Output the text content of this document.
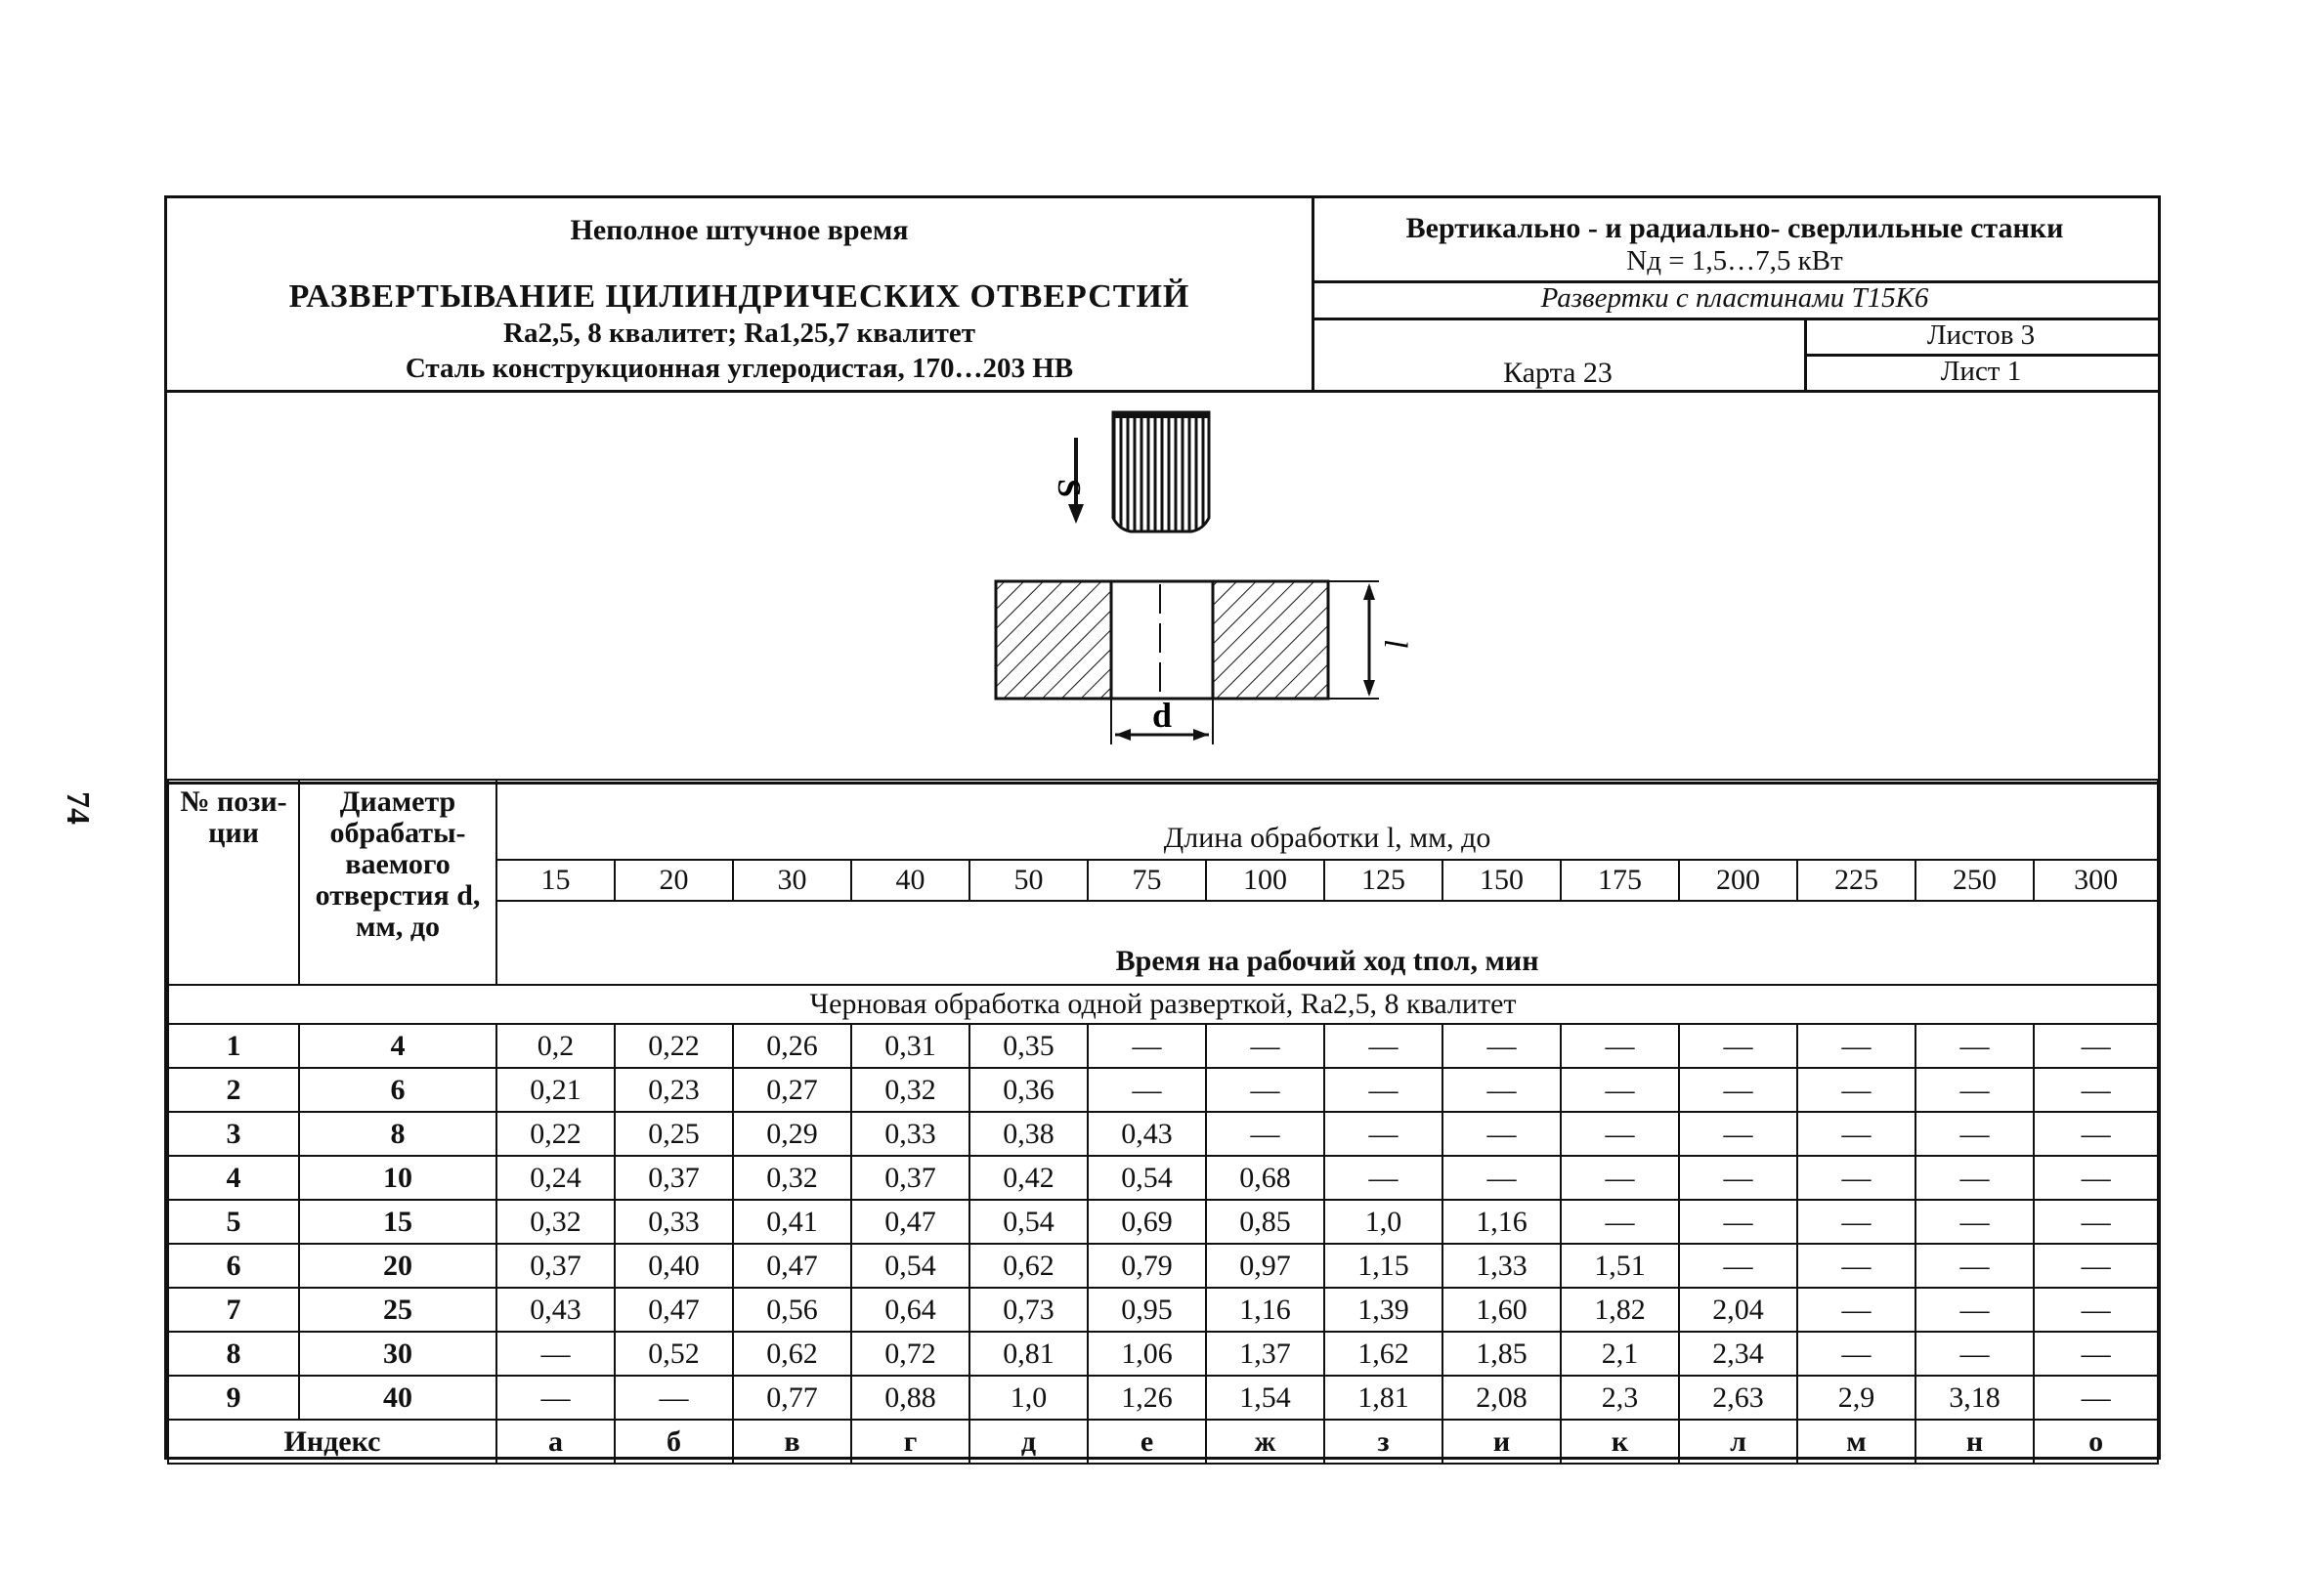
74
Неполное штучное время
РАЗВЕРТЫВАНИЕ ЦИЛИНДРИЧЕСКИХ ОТВЕРСТИЙ
Ra2,5, 8 квалитет; Ra1,25,7 квалитет
Сталь конструкционная углеродистая, 170…203 HB
Вертикально - и радиально- сверлильные станки
Nд = 1,5…7,5 кВт
Развертки с пластинами Т15К6
Карта 23
Листов 3
Лист 1
S
l
d
№ пози-ции	Диаметр обрабаты-ваемого отверстия d, мм, до	Длина обработки l, мм, до													
		15	20	30	40	50	75	100	125	150	175	200	225	250	300
		Время на рабочий ход tпол, мин													
Черновая обработка одной разверткой, Ra2,5, 8 квалитет															
1	4	0,2	0,22	0,26	0,31	0,35	—	—	—	—	—	—	—	—	—
2	6	0,21	0,23	0,27	0,32	0,36	—	—	—	—	—	—	—	—	—
3	8	0,22	0,25	0,29	0,33	0,38	0,43	—	—	—	—	—	—	—	—
4	10	0,24	0,37	0,32	0,37	0,42	0,54	0,68	—	—	—	—	—	—	—
5	15	0,32	0,33	0,41	0,47	0,54	0,69	0,85	1,0	1,16	—	—	—	—	—
6	20	0,37	0,40	0,47	0,54	0,62	0,79	0,97	1,15	1,33	1,51	—	—	—	—
7	25	0,43	0,47	0,56	0,64	0,73	0,95	1,16	1,39	1,60	1,82	2,04	—	—	—
8	30	—	0,52	0,62	0,72	0,81	1,06	1,37	1,62	1,85	2,1	2,34	—	—	—
9	40	—	—	0,77	0,88	1,0	1,26	1,54	1,81	2,08	2,3	2,63	2,9	3,18	—
Индекс		а	б	в	г	д	е	ж	з	и	к	л	м	н	о
